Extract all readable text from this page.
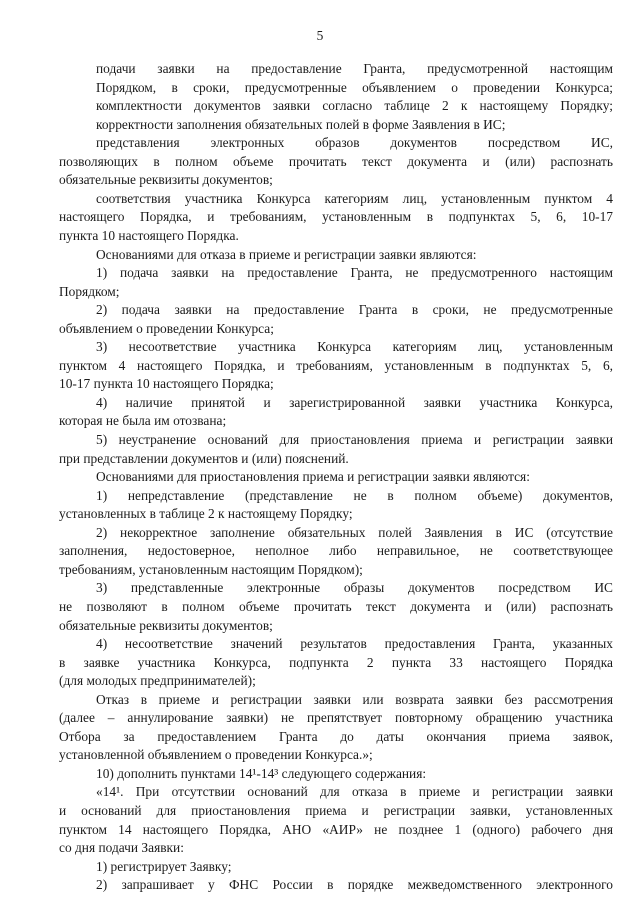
5
подачи заявки на предоставление Гранта, предусмотренной настоящим
Порядком, в сроки, предусмотренные объявлением о проведении Конкурса;
комплектности документов заявки согласно таблице 2 к настоящему Порядку;
корректности заполнения обязательных полей в форме Заявления в ИС;
представления электронных образов документов посредством ИС,
позволяющих в полном объеме прочитать текст документа и (или) распознать
обязательные реквизиты документов;
соответствия участника Конкурса категориям лиц, установленным пунктом 4
настоящего Порядка, и требованиям, установленным в подпунктах 5, 6, 10-17
пункта 10 настоящего Порядка.
Основаниями для отказа в приеме и регистрации заявки являются:
1) подача заявки на предоставление Гранта, не предусмотренного настоящим
Порядком;
2) подача заявки на предоставление Гранта в сроки, не предусмотренные
объявлением о проведении Конкурса;
3) несоответствие участника Конкурса категориям лиц, установленным
пунктом 4 настоящего Порядка, и требованиям, установленным в подпунктах 5, 6,
10-17 пункта 10 настоящего Порядка;
4) наличие принятой и зарегистрированной заявки участника Конкурса,
которая не была им отозвана;
5) неустранение оснований для приостановления приема и регистрации заявки
при представлении документов и (или) пояснений.
Основаниями для приостановления приема и регистрации заявки являются:
1) непредставление (представление не в полном объеме) документов,
установленных в таблице 2 к настоящему Порядку;
2) некорректное заполнение обязательных полей Заявления в ИС (отсутствие
заполнения, недостоверное, неполное либо неправильное, не соответствующее
требованиям, установленным настоящим Порядком);
3) представленные электронные образы документов посредством ИС
не позволяют в полном объеме прочитать текст документа и (или) распознать
обязательные реквизиты документов;
4) несоответствие значений результатов предоставления Гранта, указанных
в заявке участника Конкурса, подпункта 2 пункта 33 настоящего Порядка
(для молодых предпринимателей);
Отказ в приеме и регистрации заявки или возврата заявки без рассмотрения
(далее – аннулирование заявки) не препятствует повторному обращению участника
Отбора за предоставлением Гранта до даты окончания приема заявок,
установленной объявлением о проведении Конкурса.»;
10) дополнить пунктами 14¹-14³ следующего содержания:
«14¹. При отсутствии оснований для отказа в приеме и регистрации заявки
и оснований для приостановления приема и регистрации заявки, установленных
пунктом 14 настоящего Порядка, АНО «АИР» не позднее 1 (одного) рабочего дня
со дня подачи Заявки:
1) регистрирует Заявку;
2) запрашивает у ФНС России в порядке межведомственного электронного
